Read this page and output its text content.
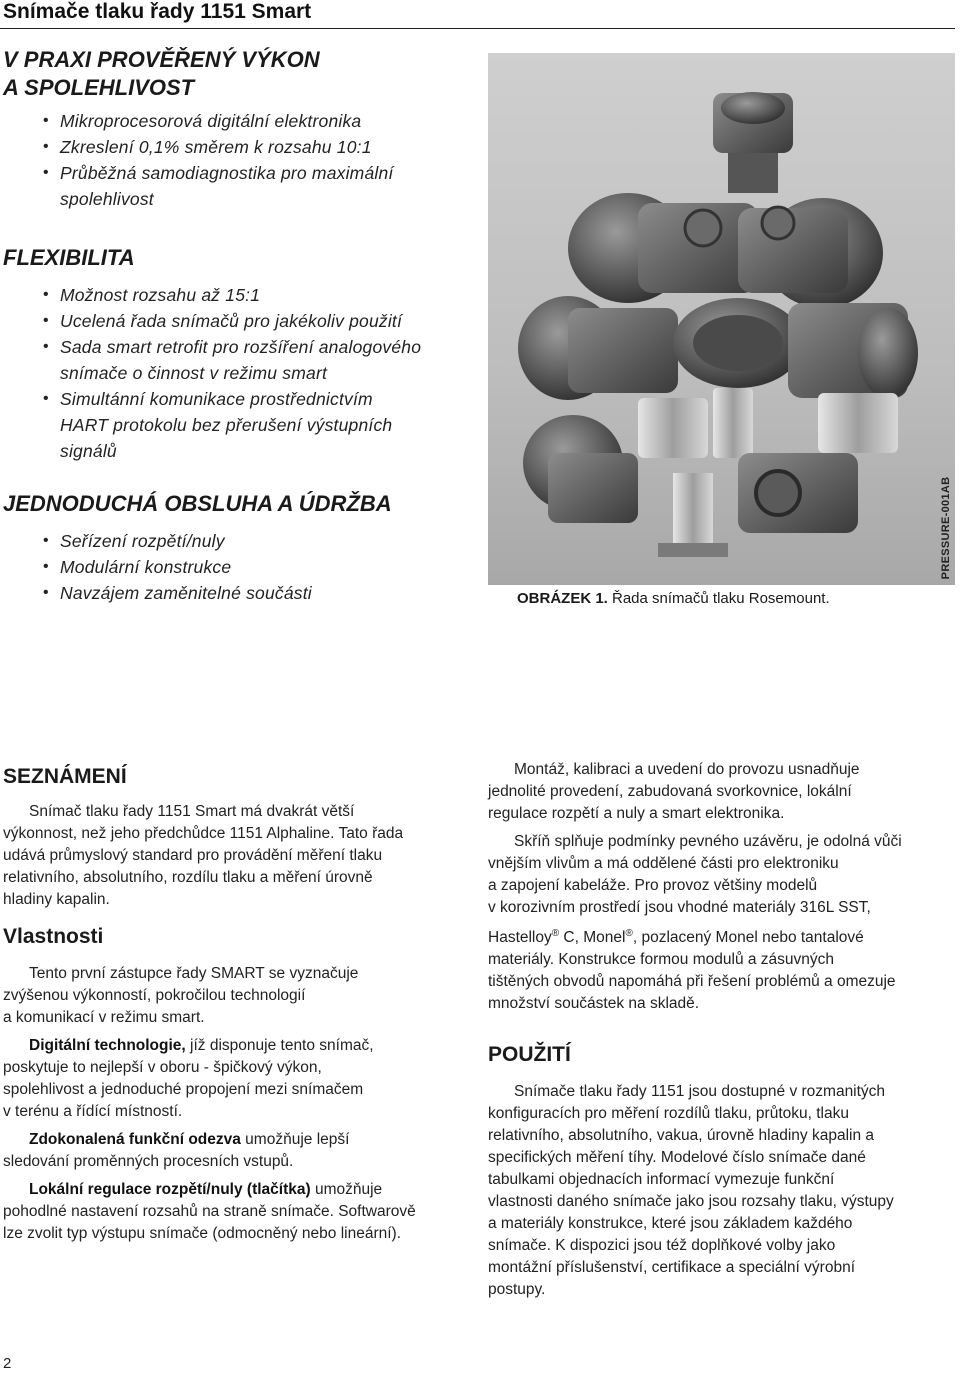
Snímače tlaku řady 1151 Smart
V PRAXI PROVĚŘENÝ VÝKON
A SPOLEHLIVOST
• Mikroprocesorová digitální elektronika
• Zkreslení 0,1% směrem k rozsahu 10:1
• Průběžná samodiagnostika pro maximální
spolehlivost
FLEXIBILITA
• Možnost rozsahu až 15:1
• Ucelená řada snímačů pro jakékoliv použití
• Sada smart retrofit pro rozšíření analogového
snímače o činnost v režimu smart
• Simultánní komunikace prostřednictvím
HART protokolu bez přerušení výstupních
signálů
JEDNODUCHÁ OBSLUHA A ÚDRŽBA
• Seřízení rozpětí/nuly
• Modulární konstrukce
• Navzájem zaměnitelné součásti
PRESSURE-001AB
OBRÁZEK 1. Řada snímačů tlaku Rosemount.
SEZNÁMENÍ

Snímač tlaku řady 1151 Smart má dvakrát větší
výkonnost, než jeho předchůdce 1151 Alphaline. Tato řada
udává průmyslový standard pro provádění měření tlaku
relativního, absolutního, rozdílu tlaku a měření úrovně
hladiny kapalin.

Vlastnosti

Tento první zástupce řady SMART se vyznačuje
zvýšenou výkonností, pokročilou technologií
a komunikací v režimu smart.

Digitální technologie, jíž disponuje tento snímač,
poskytuje to nejlepší v oboru - špičkový výkon,
spolehlivost a jednoduché propojení mezi snímačem
v terénu a řídící místností.

Zdokonalená funkční odezva umožňuje lepší
sledování proměnných procesních vstupů.

Lokální regulace rozpětí/nuly (tlačítka) umožňuje
pohodlné nastavení rozsahů na straně snímače. Softwarově
lze zvolit typ výstupu snímače (odmocněný nebo lineární).

Montáž, kalibraci a uvedení do provozu usnadňuje
jednolité provedení, zabudovaná svorkovnice, lokální
regulace rozpětí a nuly a smart elektronika.

Skříň splňuje podmínky pevného uzávěru, je odolná vůči
vnějším vlivům a má oddělené části pro elektroniku
a zapojení kabeláže. Pro provoz většiny modelů
v korozivním prostředí jsou vhodné materiály 316L SST,
Hastelloy® C, Monel®, pozlacený Monel nebo tantalové
materiály. Konstrukce formou modulů a zásuvných
tištěných obvodů napomáhá při řešení problémů a omezuje
množství součástek na skladě.

POUŽITÍ

Snímače tlaku řady 1151 jsou dostupné v rozmanitých
konfiguracích pro měření rozdílů tlaku, průtoku, tlaku
relativního, absolutního, vakua, úrovně hladiny kapalin a
specifických měření tíhy. Modelové číslo snímače dané
tabulkami objednacích informací vymezuje funkční
vlastnosti daného snímače jako jsou rozsahy tlaku, výstupy
a materiály konstrukce, které jsou základem každého
snímače. K dispozici jsou též doplňkové volby jako
montážní příslušenství, certifikace a speciální výrobní
postupy.

2
